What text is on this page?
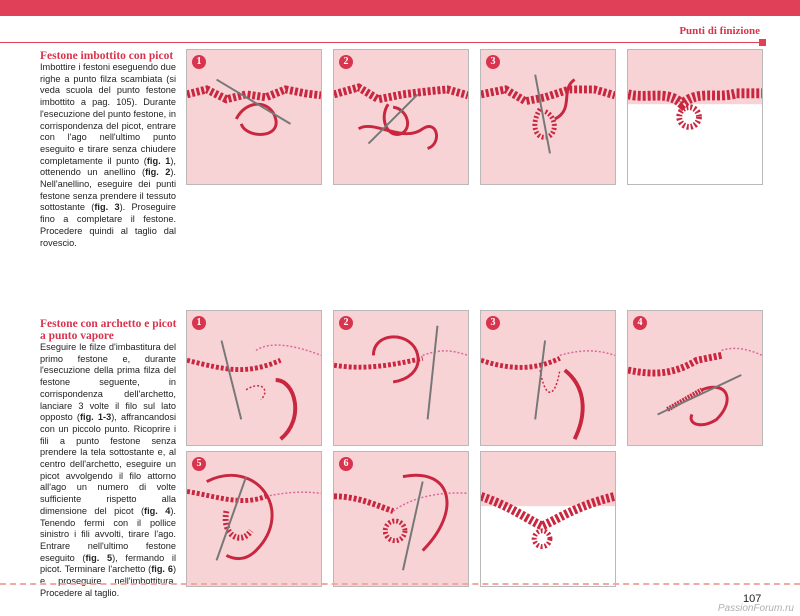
Punti di finizione
Festone imbottito con picot
Imbottire i festoni eseguendo due righe a punto filza scambiata (si veda scuola del punto festone imbottito a pag. 105). Durante l'esecuzione del punto festone, in corrispondenza del picot, entrare con l'ago nell'ultimo punto eseguito e tirare senza chiudere completamente il punto (fig. 1), ottenendo un anellino (fig. 2). Nell'anellino, eseguire dei punti festone senza prendere il tessuto sottostante (fig. 3). Proseguire fino a completare il festone. Procedere quindi al taglio dal rovescio.
1	2	3
Festone con archetto e picot
a punto vapore
Eseguire le filze d'imbastitura del primo festone e, durante l'esecuzione della prima filza del festone seguente, in corrispondenza dell'archetto, lanciare 3 volte il filo sul lato opposto (fig. 1-3), affrancandosi con un piccolo punto. Ricoprire i fili a punto festone senza prendere la tela sottostante e, al centro dell'archetto, eseguire un picot avvolgendo il filo attorno all'ago un numero di volte sufficiente rispetto alla dimensione del picot (fig. 4). Tenendo fermi con il pollice sinistro i fili avvolti, tirare l'ago. Entrare nell'ultimo festone eseguito (fig. 5), fermando il picot. Terminare l'archetto (fig. 6) e proseguire nell'imbottitura. Procedere al taglio.
1	2	3	4
5	6
107
PassionForum.ru
